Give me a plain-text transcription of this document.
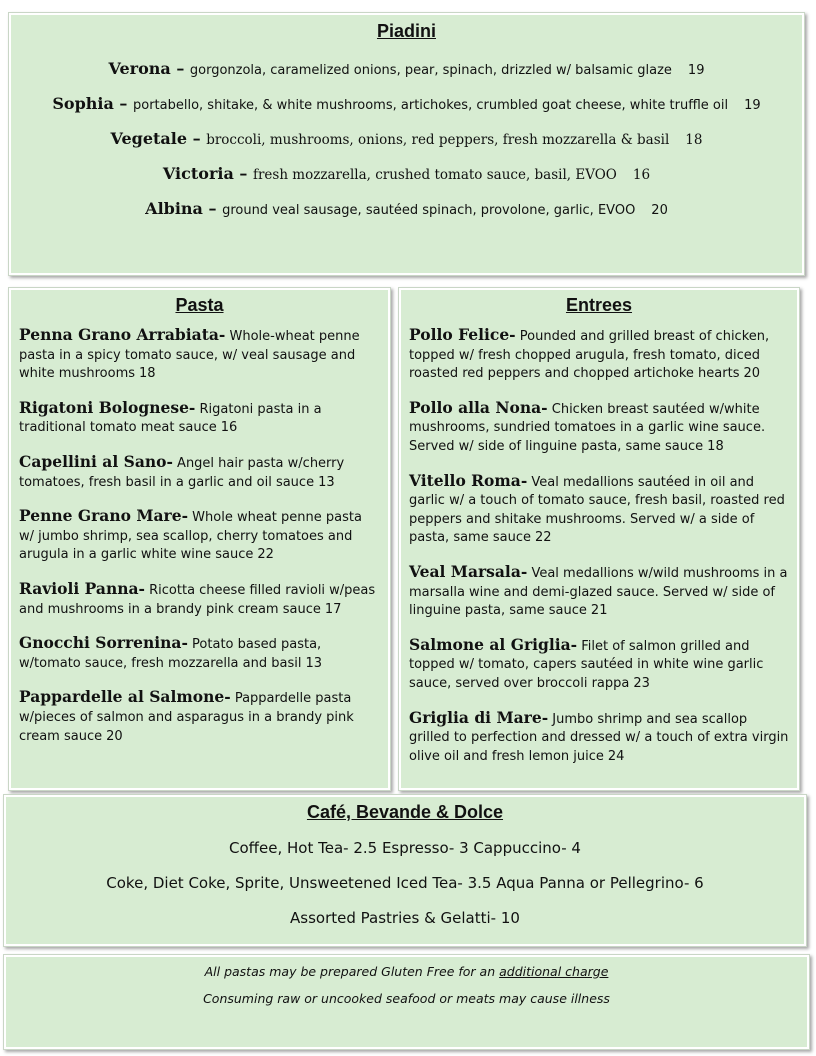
Piadini
Verona – gorgonzola, caramelized onions, pear, spinach, drizzled w/ balsamic glaze 19
Sophia – portabello, shitake, & white mushrooms, artichokes, crumbled goat cheese, white truffle oil 19
Vegetale – broccoli, mushrooms, onions, red peppers, fresh mozzarella & basil 18
Victoria – fresh mozzarella, crushed tomato sauce, basil, EVOO 16
Albina – ground veal sausage, sautéed spinach, provolone, garlic, EVOO 20
Pasta
Penna Grano Arrabiata- Whole-wheat penne pasta in a spicy tomato sauce, w/ veal sausage and white mushrooms 18
Rigatoni Bolognese- Rigatoni pasta in a traditional tomato meat sauce 16
Capellini al Sano- Angel hair pasta w/cherry tomatoes, fresh basil in a garlic and oil sauce 13
Penne Grano Mare- Whole wheat penne pasta w/ jumbo shrimp, sea scallop, cherry tomatoes and arugula in a garlic white wine sauce 22
Ravioli Panna- Ricotta cheese filled ravioli w/peas and mushrooms in a brandy pink cream sauce 17
Gnocchi Sorrenina- Potato based pasta, w/tomato sauce, fresh mozzarella and basil 13
Pappardelle al Salmone- Pappardelle pasta w/pieces of salmon and asparagus in a brandy pink cream sauce 20
Entrees
Pollo Felice- Pounded and grilled breast of chicken, topped w/ fresh chopped arugula, fresh tomato, diced roasted red peppers and chopped artichoke hearts 20
Pollo alla Nona- Chicken breast sautéed w/white mushrooms, sundried tomatoes in a garlic wine sauce. Served w/ side of linguine pasta, same sauce 18
Vitello Roma- Veal medallions sautéed in oil and garlic w/ a touch of tomato sauce, fresh basil, roasted red peppers and shitake mushrooms. Served w/ a side of pasta, same sauce 22
Veal Marsala- Veal medallions w/wild mushrooms in a marsalla wine and demi-glazed sauce. Served w/ side of linguine pasta, same sauce 21
Salmone al Griglia- Filet of salmon grilled and topped w/ tomato, capers sautéed in white wine garlic sauce, served over broccoli rappa 23
Griglia di Mare- Jumbo shrimp and sea scallop grilled to perfection and dressed w/ a touch of extra virgin olive oil and fresh lemon juice 24
Café, Bevande & Dolce
Coffee, Hot Tea- 2.5 Espresso- 3 Cappuccino- 4
Coke, Diet Coke, Sprite, Unsweetened Iced Tea- 3.5 Aqua Panna or Pellegrino- 6
Assorted Pastries & Gelatti- 10
All pastas may be prepared Gluten Free for an additional charge
Consuming raw or uncooked seafood or meats may cause illness
